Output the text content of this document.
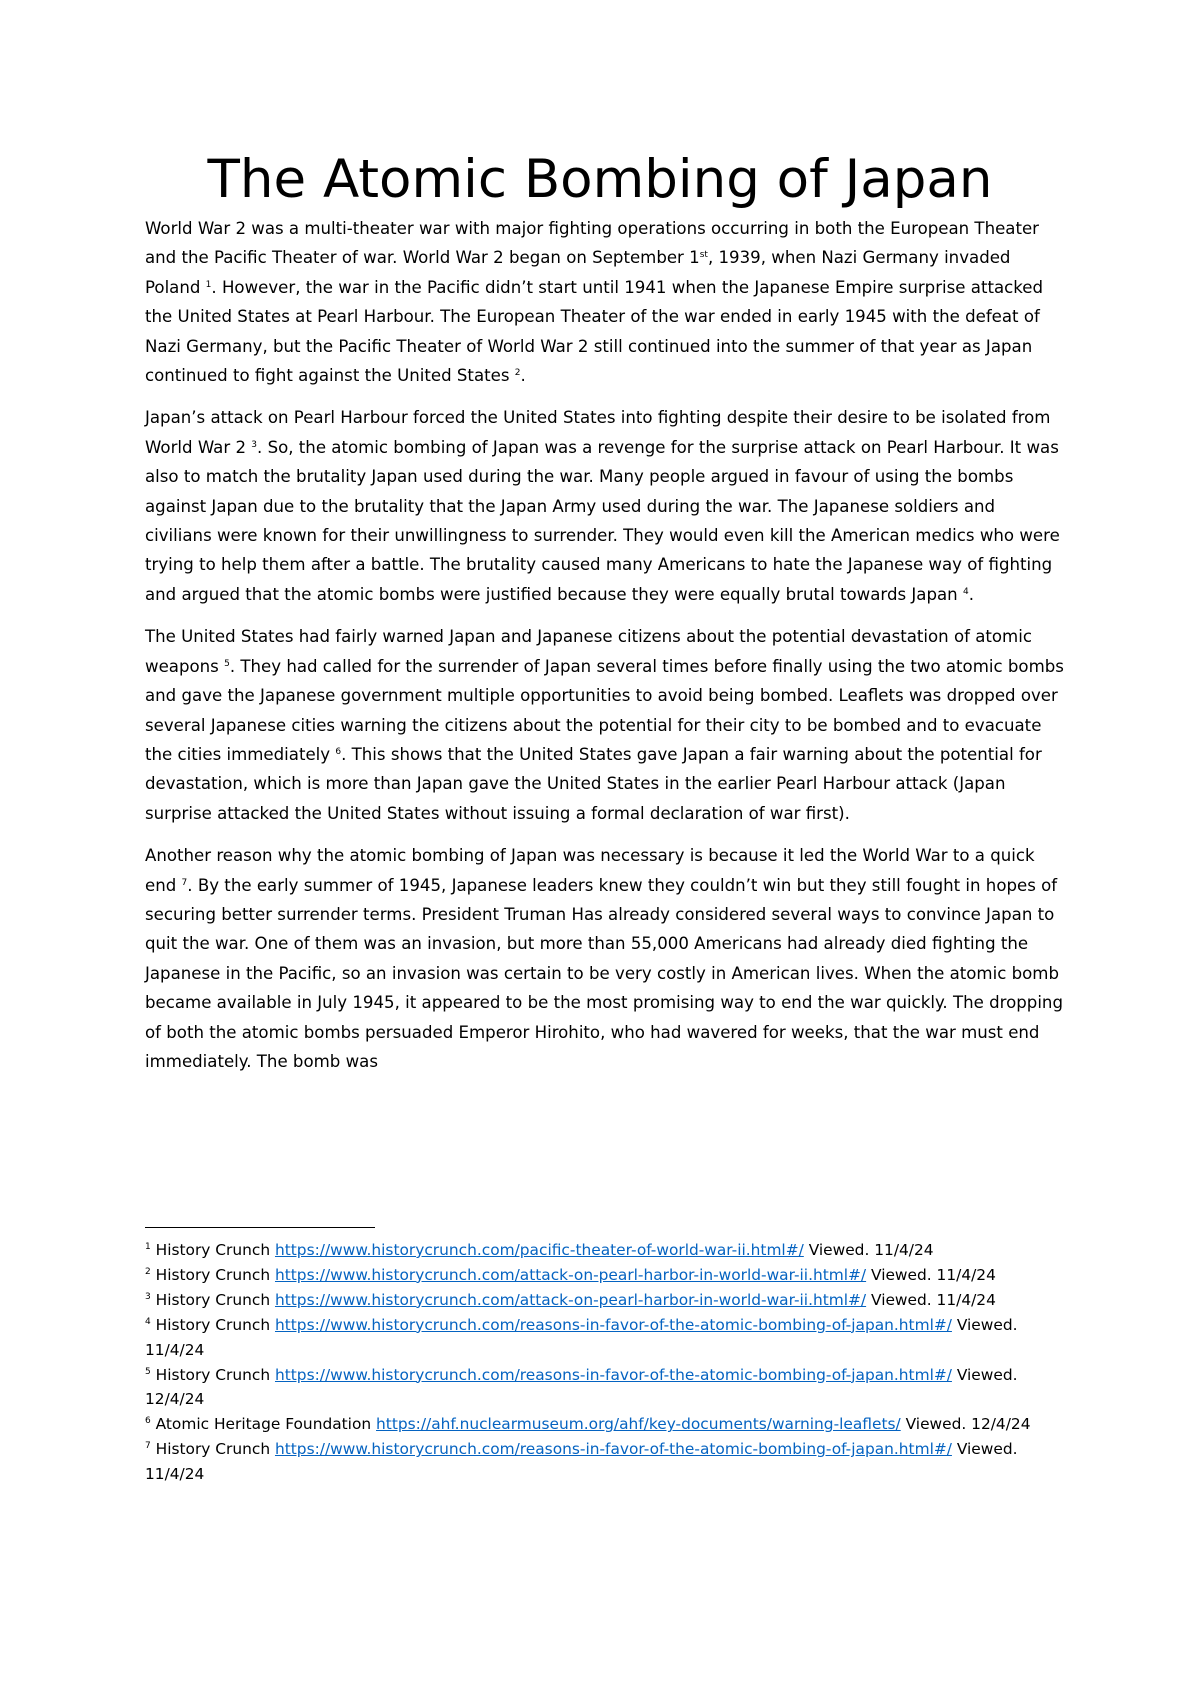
The Atomic Bombing of Japan

World War 2 was a multi-theater war with major fighting operations occurring in both the European Theater and the Pacific Theater of war. World War 2 began on September 1st, 1939, when Nazi Germany invaded Poland $^1$. However, the war in the Pacific didn’t start until 1941 when the Japanese Empire surprise attacked the United States at Pearl Harbour. The European Theater of the war ended in early 1945 with the defeat of Nazi Germany, but the Pacific Theater of World War 2 still continued into the summer of that year as Japan continued to fight against the United States $^2$.

Japan’s attack on Pearl Harbour forced the United States into fighting despite their desire to be isolated from World War 2 $^3$. So, the atomic bombing of Japan was a revenge for the surprise attack on Pearl Harbour. It was also to match the brutality Japan used during the war. Many people argued in favour of using the bombs against Japan due to the brutality that the Japan Army used during the war. The Japanese soldiers and civilians were known for their unwillingness to surrender. They would even kill the American medics who were trying to help them after a battle. The brutality caused many Americans to hate the Japanese way of fighting and argued that the atomic bombs were justified because they were equally brutal towards Japan $^4$.

The United States had fairly warned Japan and Japanese citizens about the potential devastation of atomic weapons $^5$. They had called for the surrender of Japan several times before finally using the two atomic bombs and gave the Japanese government multiple opportunities to avoid being bombed. Leaflets was dropped over several Japanese cities warning the citizens about the potential for their city to be bombed and to evacuate the cities immediately $^6$. This shows that the United States gave Japan a fair warning about the potential for devastation, which is more than Japan gave the United States in the earlier Pearl Harbour attack (Japan surprise attacked the United States without issuing a formal declaration of war first).

Another reason why the atomic bombing of Japan was necessary is because it led the World War to a quick end $^7$. By the early summer of 1945, Japanese leaders knew they couldn’t win but they still fought in hopes of securing better surrender terms. President Truman Has already considered several ways to convince Japan to quit the war. One of them was an invasion, but more than 55,000 Americans had already died fighting the Japanese in the Pacific, so an invasion was certain to be very costly in American lives. When the atomic bomb became available in July 1945, it appeared to be the most promising way to end the war quickly. The dropping of both the atomic bombs persuaded Emperor Hirohito, who had wavered for weeks, that the war must end immediately. The bomb was

$^1$ History Crunch https://www.historycrunch.com/pacific-theater-of-world-war-ii.html#/ Viewed. 11/4/24
$^2$ History Crunch https://www.historycrunch.com/attack-on-pearl-harbor-in-world-war-ii.html#/ Viewed. 11/4/24
$^3$ History Crunch https://www.historycrunch.com/attack-on-pearl-harbor-in-world-war-ii.html#/ Viewed. 11/4/24
$^4$ History Crunch https://www.historycrunch.com/reasons-in-favor-of-the-atomic-bombing-of-japan.html#/ Viewed. 11/4/24
$^5$ History Crunch https://www.historycrunch.com/reasons-in-favor-of-the-atomic-bombing-of-japan.html#/ Viewed. 12/4/24
$^6$ Atomic Heritage Foundation https://ahf.nuclearmuseum.org/ahf/key-documents/warning-leaflets/ Viewed. 12/4/24
$^7$ History Crunch https://www.historycrunch.com/reasons-in-favor-of-the-atomic-bombing-of-japan.html#/ Viewed. 11/4/24
